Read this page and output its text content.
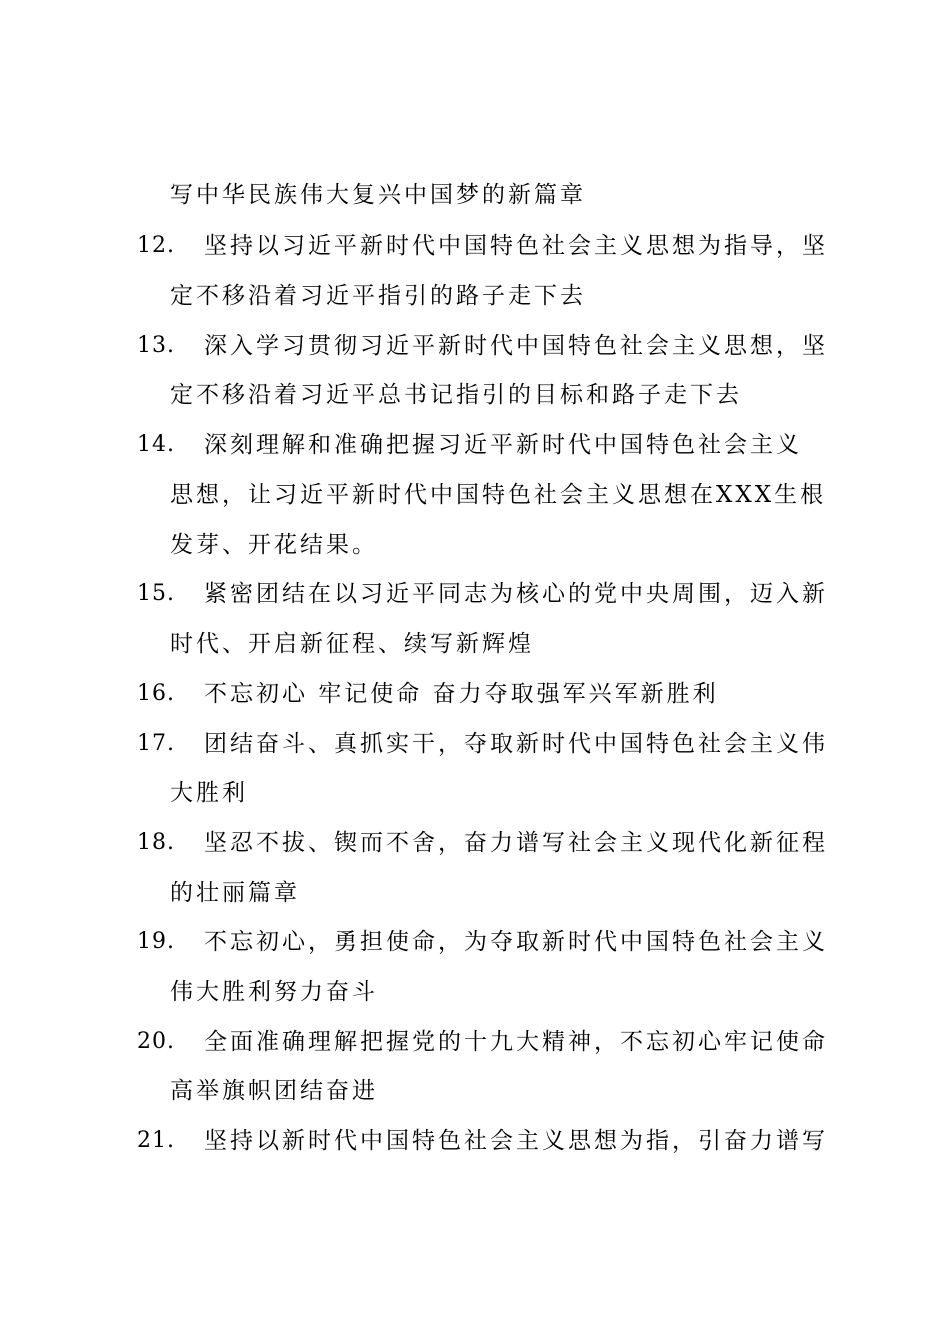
写中华民族伟大复兴中国梦的新篇章
12. 坚持以习近平新时代中国特色社会主义思想为指导，坚
定不移沿着习近平指引的路子走下去
13. 深入学习贯彻习近平新时代中国特色社会主义思想，坚
定不移沿着习近平总书记指引的目标和路子走下去
14. 深刻理解和准确把握习近平新时代中国特色社会主义
思想，让习近平新时代中国特色社会主义思想在XXX生根
发芽、开花结果。
15. 紧密团结在以习近平同志为核心的党中央周围，迈入新
时代、开启新征程、续写新辉煌
16. 不忘初心 牢记使命 奋力夺取强军兴军新胜利
17. 团结奋斗、真抓实干，夺取新时代中国特色社会主义伟
大胜利
18. 坚忍不拔、锲而不舍，奋力谱写社会主义现代化新征程
的壮丽篇章
19. 不忘初心，勇担使命，为夺取新时代中国特色社会主义
伟大胜利努力奋斗
20. 全面准确理解把握党的十九大精神，不忘初心牢记使命
高举旗帜团结奋进
21. 坚持以新时代中国特色社会主义思想为指，引奋力谱写
